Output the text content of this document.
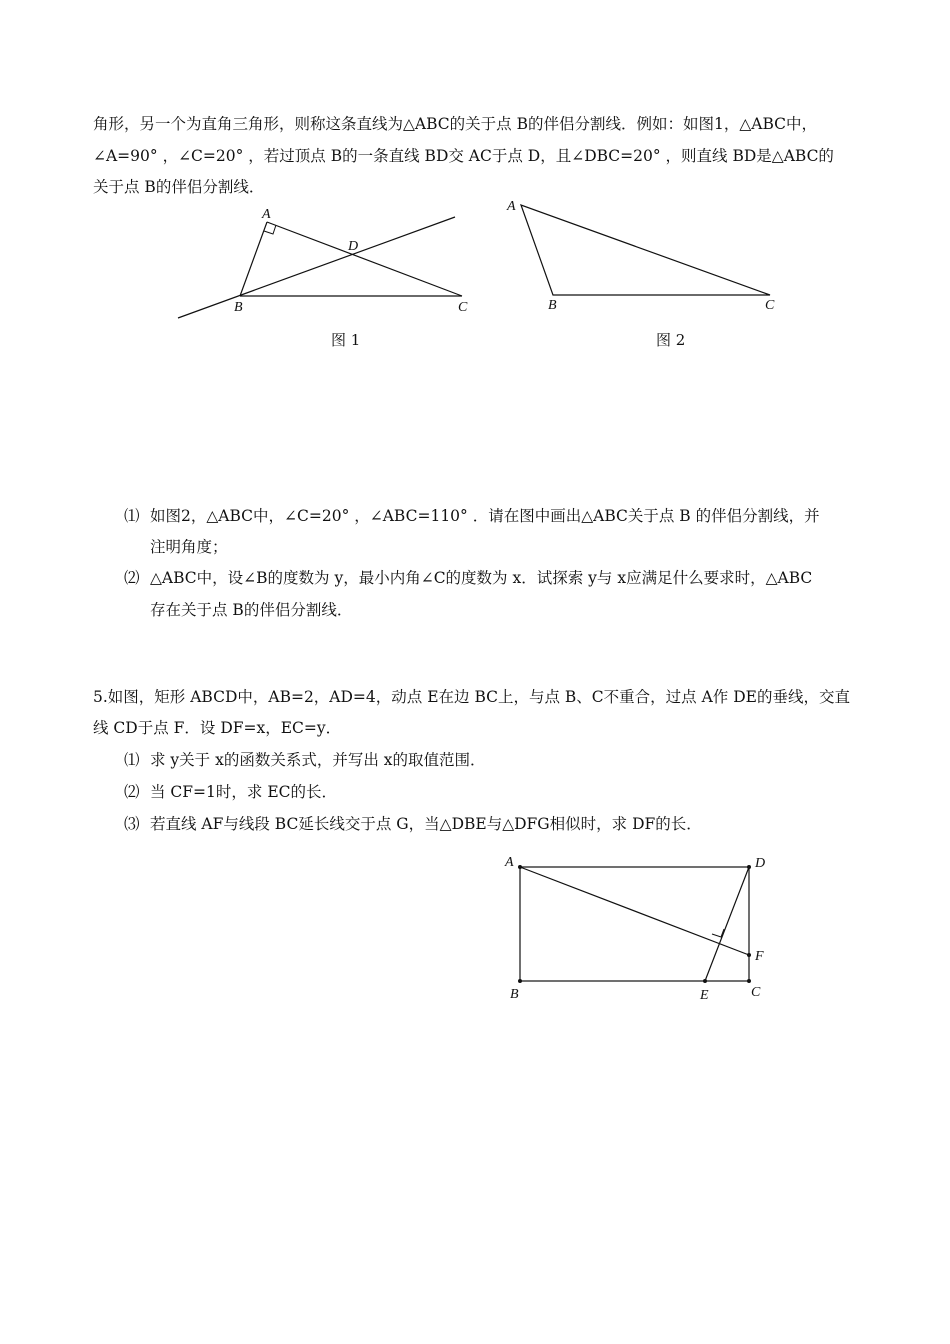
角形，另一个为直角三角形，则称这条直线为△ABC的关于点 B的伴侣分割线．例如：如图1，△ABC中，
∠A=90° ，∠C=20° ，若过顶点 B的一条直线 BD交 AC于点 D，且∠DBC=20° ，则直线 BD是△ABC的
关于点 B的伴侣分割线．
A
B	C
D
图 1
A
B	C
图 2
⑴ 如图2，△ABC中，∠C=20° ，∠ABC=110° ．请在图中画出△ABC关于点 B 的伴侣分割线，并
注明角度；
⑵ △ABC中，设∠B的度数为 y，最小内角∠C的度数为 x．试探索 y与 x应满足什么要求时，△ABC
存在关于点 B的伴侣分割线．
5.如图，矩形 ABCD中，AB=2，AD=4，动点 E在边 BC上，与点 B、C不重合，过点 A作 DE的垂线，交直
线 CD于点 F．设 DF=x，EC=y．
⑴ 求 y关于 x的函数关系式，并写出 x的取值范围．
⑵ 当 CF=1时，求 EC的长．
⑶ 若直线 AF与线段 BC延长线交于点 G，当△DBE与△DFG相似时，求 DF的长．
A	D
F
B	E	C
